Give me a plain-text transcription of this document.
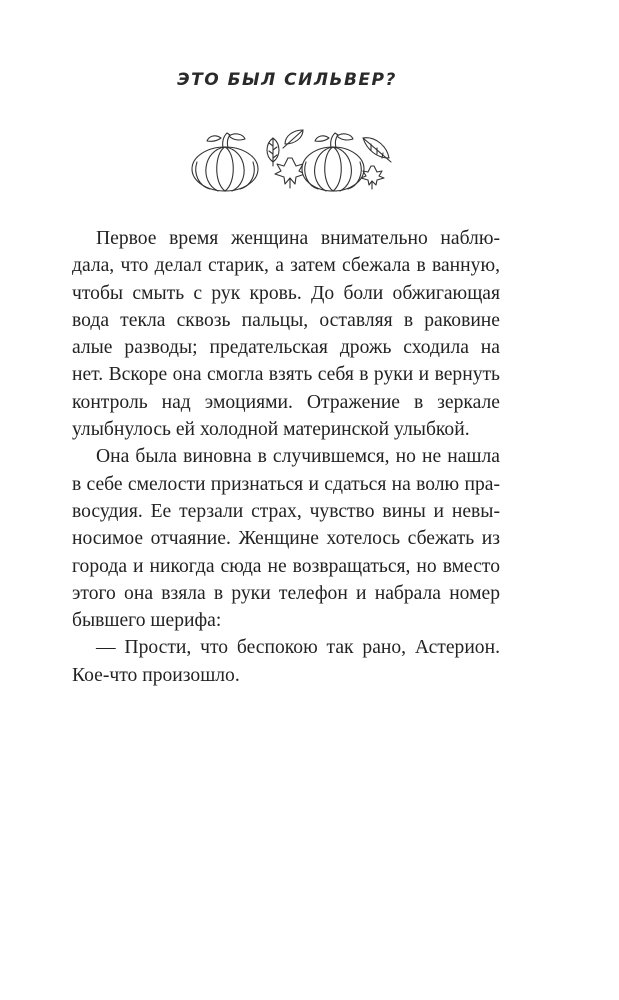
ЭТО БЫЛ СИЛЬВЕР?
Первое время женщина внимательно наблю-
дала, что делал старик, а затем сбежала в ванную,
чтобы смыть с рук кровь. До боли обжигающая
вода текла сквозь пальцы, оставляя в раковине
алые разводы; предательская дрожь сходила на
нет. Вскоре она смогла взять себя в руки и вернуть
контроль над эмоциями. Отражение в зеркале
улыбнулось ей холодной материнской улыбкой.
Она была виновна в случившемся, но не нашла
в себе смелости признаться и сдаться на волю пра-
восудия. Ее терзали страх, чувство вины и невы-
носимое отчаяние. Женщине хотелось сбежать из
города и никогда сюда не возвращаться, но вместо
этого она взяла в руки телефон и набрала номер
бывшего шерифа:
— Прости, что беспокою так рано, Астерион.
Кое-что произошло.
